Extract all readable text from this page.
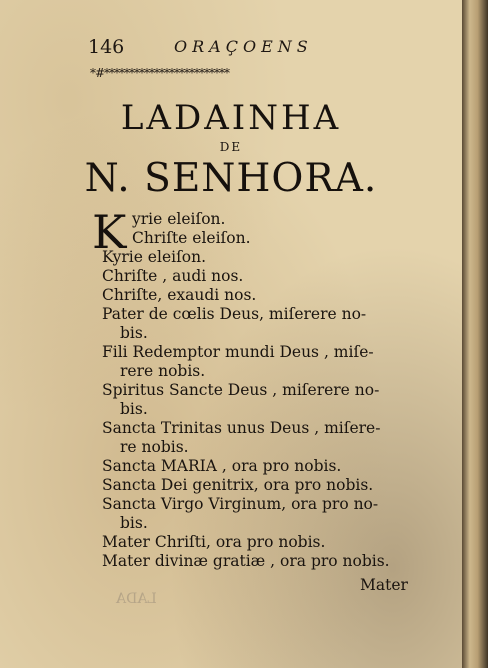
146	ORAÇOENS
*#*************************
LADAINHA
DE
N. SENHORA.
K yrie eleiſon.
Chriſte eleiſon.
Kyrie eleiſon.
Chriſte , audi nos.
Chriſte, exaudi nos.
Pater de cœlis Deus, miſerere no-
bis.
Fili Redemptor mundi Deus , miſe-
rere nobis.
Spiritus Sancte Deus , miſerere no-
bis.
Sancta Trinitas unus Deus , miſere-
re nobis.
Sancta MARIA , ora pro nobis.
Sancta Dei genitrix, ora pro nobis.
Sancta Virgo Virginum, ora pro no-
bis.
Mater Chriſti, ora pro nobis.
Mater divinæ gratiæ , ora pro nobis.
Mater
LADA
